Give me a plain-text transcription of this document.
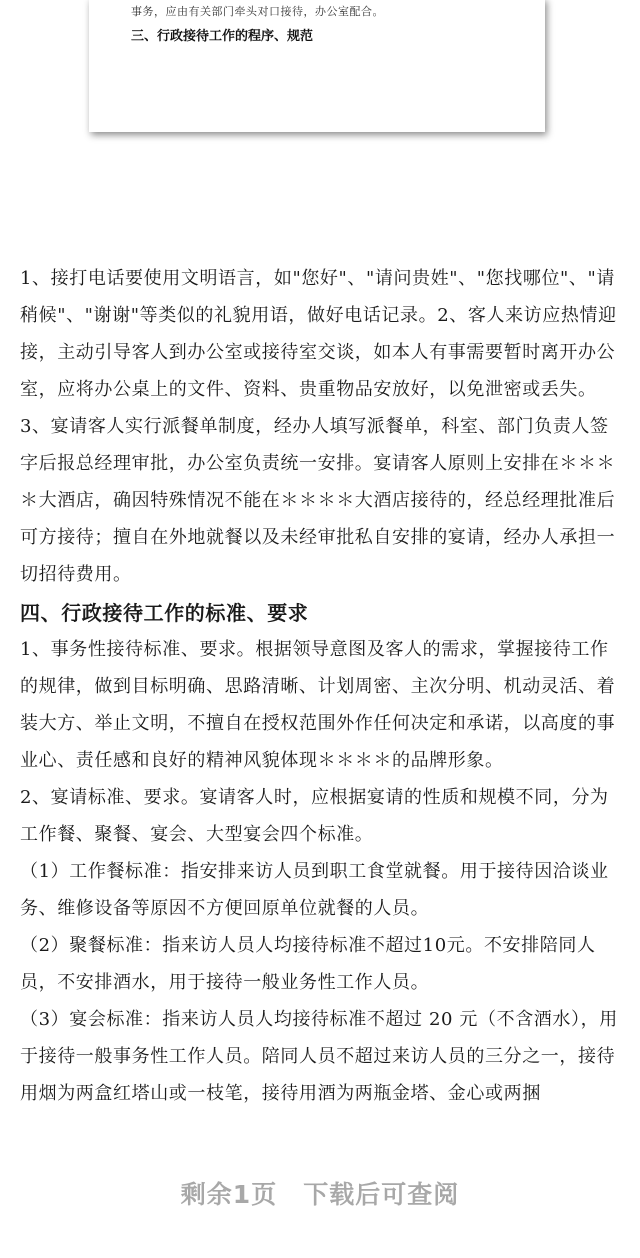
事务，应由有关部门牵头对口接待，办公室配合。
三、行政接待工作的程序、规范

1、接打电话要使用文明语言，如"您好"、"请问贵姓"、"您找哪位"、"请稍候"、"谢谢"等类似的礼貌用语，做好电话记录。2、客人来访应热情迎接，主动引导客人到办公室或接待室交谈，如本人有事需要暂时离开办公室，应将办公桌上的文件、资料、贵重物品安放好，以免泄密或丢失。

3、宴请客人实行派餐单制度，经办人填写派餐单，科室、部门负责人签字后报总经理审批，办公室负责统一安排。宴请客人原则上安排在＊＊＊＊大酒店，确因特殊情况不能在＊＊＊＊大酒店接待的，经总经理批准后可方接待；擅自在外地就餐以及未经审批私自安排的宴请，经办人承担一切招待费用。

四、行政接待工作的标准、要求

1、事务性接待标准、要求。根据领导意图及客人的需求，掌握接待工作的规律，做到目标明确、思路清晰、计划周密、主次分明、机动灵活、着装大方、举止文明，不擅自在授权范围外作任何决定和承诺，以高度的事业心、责任感和良好的精神风貌体现＊＊＊＊的品牌形象。

2、宴请标准、要求。宴请客人时，应根据宴请的性质和规模不同，分为工作餐、聚餐、宴会、大型宴会四个标准。

（1）工作餐标准：指安排来访人员到职工食堂就餐。用于接待因洽谈业务、维修设备等原因不方便回原单位就餐的人员。

（2）聚餐标准：指来访人员人均接待标准不超过10元。不安排陪同人员，不安排酒水，用于接待一般业务性工作人员。

（3）宴会标准：指来访人员人均接待标准不超过 20 元（不含酒水），用于接待一般事务性工作人员。陪同人员不超过来访人员的三分之一，接待用烟为两盒红塔山或一枝笔，接待用酒为两瓶金塔、金心或两捆

剩余1页　下载后可查阅
